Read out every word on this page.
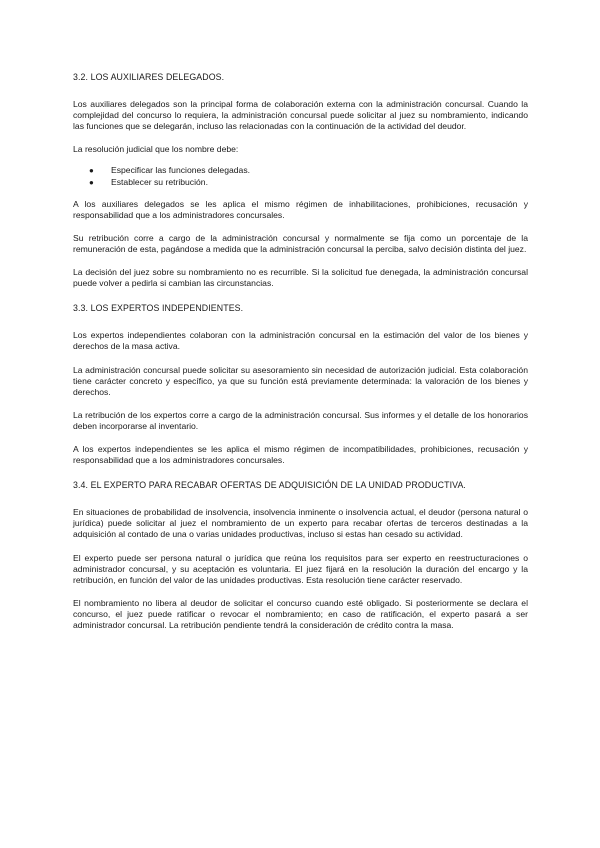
3.2. LOS AUXILIARES DELEGADOS.

Los auxiliares delegados son la principal forma de colaboración externa con la administración concursal. Cuando la complejidad del concurso lo requiera, la administración concursal puede solicitar al juez su nombramiento, indicando las funciones que se delegarán, incluso las relacionadas con la continuación de la actividad del deudor.

La resolución judicial que los nombre debe:

● Especificar las funciones delegadas.
● Establecer su retribución.

A los auxiliares delegados se les aplica el mismo régimen de inhabilitaciones, prohibiciones, recusación y responsabilidad que a los administradores concursales.

Su retribución corre a cargo de la administración concursal y normalmente se fija como un porcentaje de la remuneración de esta, pagándose a medida que la administración concursal la perciba, salvo decisión distinta del juez.

La decisión del juez sobre su nombramiento no es recurrible. Si la solicitud fue denegada, la administración concursal puede volver a pedirla si cambian las circunstancias.

3.3. LOS EXPERTOS INDEPENDIENTES.

Los expertos independientes colaboran con la administración concursal en la estimación del valor de los bienes y derechos de la masa activa.

La administración concursal puede solicitar su asesoramiento sin necesidad de autorización judicial. Esta colaboración tiene carácter concreto y específico, ya que su función está previamente determinada: la valoración de los bienes y derechos.

La retribución de los expertos corre a cargo de la administración concursal. Sus informes y el detalle de los honorarios deben incorporarse al inventario.

A los expertos independientes se les aplica el mismo régimen de incompatibilidades, prohibiciones, recusación y responsabilidad que a los administradores concursales.

3.4. EL EXPERTO PARA RECABAR OFERTAS DE ADQUISICIÓN DE LA UNIDAD PRODUCTIVA.

En situaciones de probabilidad de insolvencia, insolvencia inminente o insolvencia actual, el deudor (persona natural o jurídica) puede solicitar al juez el nombramiento de un experto para recabar ofertas de terceros destinadas a la adquisición al contado de una o varias unidades productivas, incluso si estas han cesado su actividad.

El experto puede ser persona natural o jurídica que reúna los requisitos para ser experto en reestructuraciones o administrador concursal, y su aceptación es voluntaria. El juez fijará en la resolución la duración del encargo y la retribución, en función del valor de las unidades productivas. Esta resolución tiene carácter reservado.

El nombramiento no libera al deudor de solicitar el concurso cuando esté obligado. Si posteriormente se declara el concurso, el juez puede ratificar o revocar el nombramiento; en caso de ratificación, el experto pasará a ser administrador concursal. La retribución pendiente tendrá la consideración de crédito contra la masa.
